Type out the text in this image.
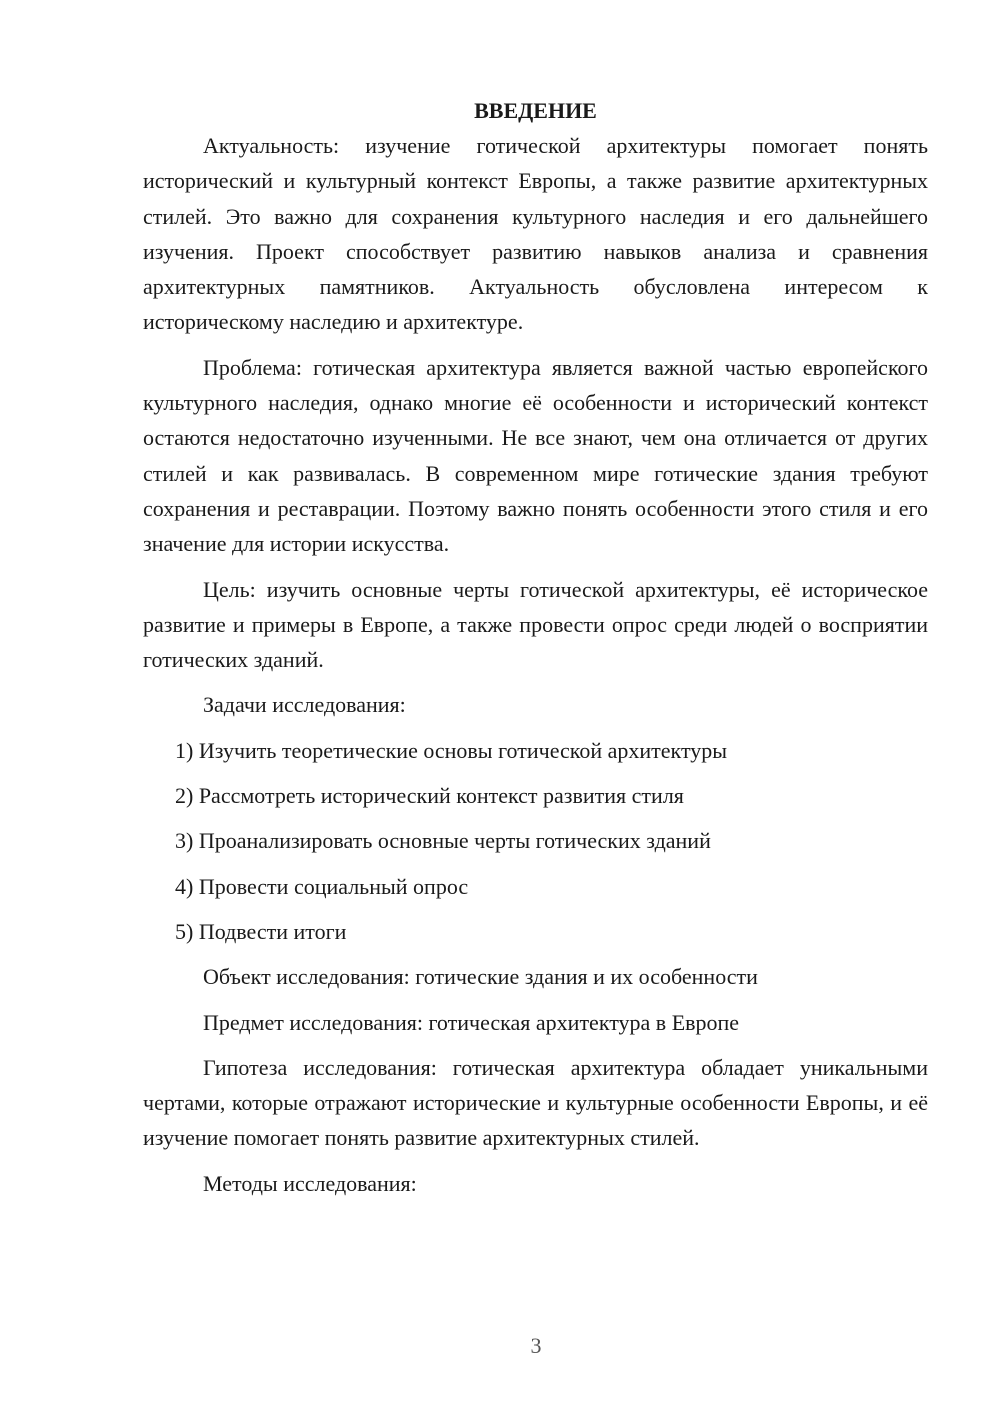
ВВЕДЕНИЕ

Актуальность: изучение готической архитектуры помогает понять исторический и культурный контекст Европы, а также развитие архитектурных стилей. Это важно для сохранения культурного наследия и его дальнейшего изучения. Проект способствует развитию навыков анализа и сравнения архитектурных памятников. Актуальность обусловлена интересом к историческому наследию и архитектуре.

Проблема: готическая архитектура является важной частью европейского культурного наследия, однако многие её особенности и исторический контекст остаются недостаточно изученными. Не все знают, чем она отличается от других стилей и как развивалась. В современном мире готические здания требуют сохранения и реставрации. Поэтому важно понять особенности этого стиля и его значение для истории искусства.

Цель: изучить основные черты готической архитектуры, её историческое развитие и примеры в Европе, а также провести опрос среди людей о восприятии готических зданий.

Задачи исследования:

1) Изучить теоретические основы готической архитектуры

2) Рассмотреть исторический контекст развития стиля

3) Проанализировать основные черты готических зданий

4) Провести социальный опрос

5) Подвести итоги

Объект исследования: готические здания и их особенности

Предмет исследования: готическая архитектура в Европе

Гипотеза исследования: готическая архитектура обладает уникальными чертами, которые отражают исторические и культурные особенности Европы, и её изучение помогает понять развитие архитектурных стилей.

Методы исследования:

3
